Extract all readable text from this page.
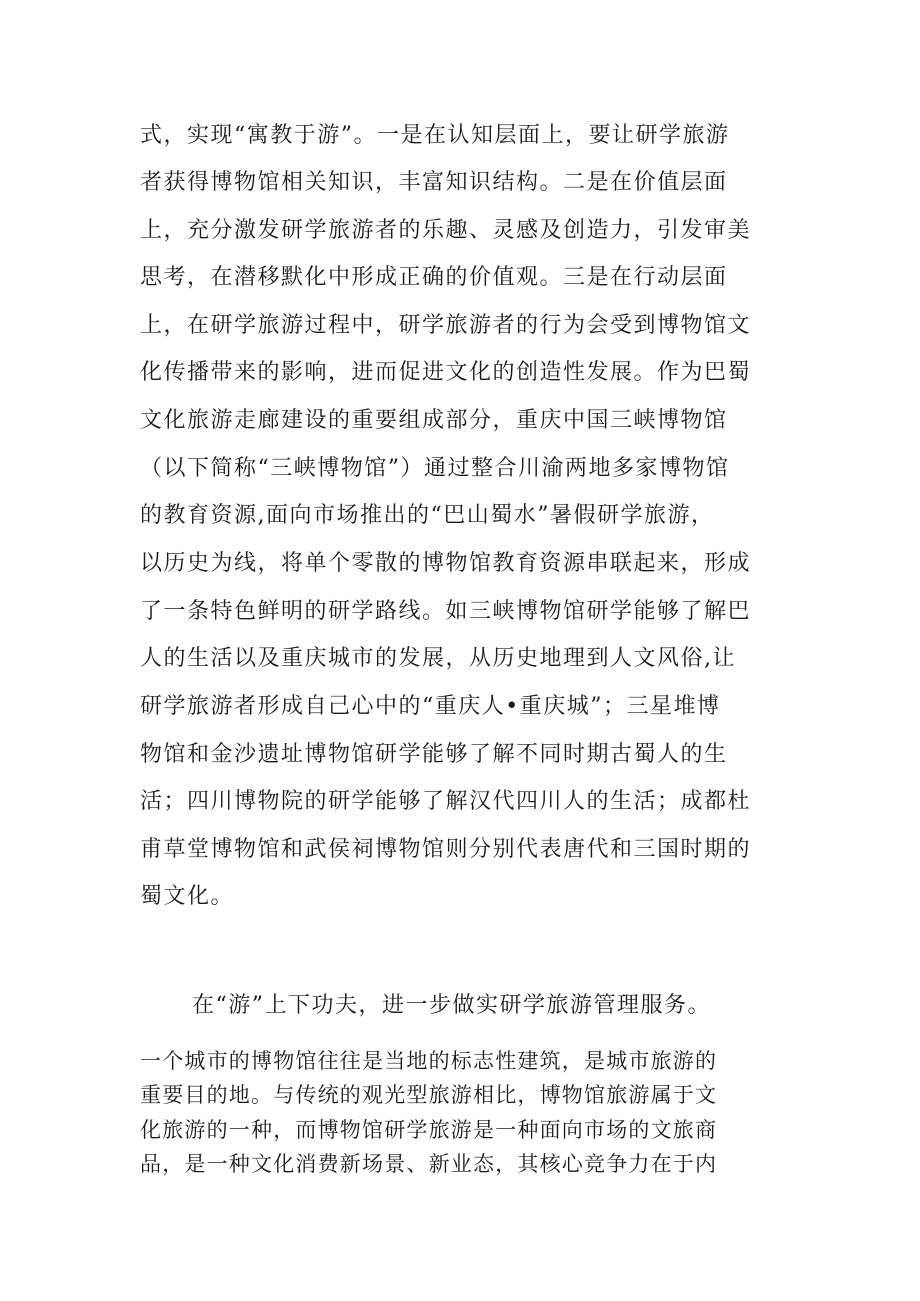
式，实现“寓教于游”。一是在认知层面上，要让研学旅游
者获得博物馆相关知识，丰富知识结构。二是在价值层面
上，充分激发研学旅游者的乐趣、灵感及创造力，引发审美
思考，在潜移默化中形成正确的价值观。三是在行动层面
上，在研学旅游过程中，研学旅游者的行为会受到博物馆文
化传播带来的影响，进而促进文化的创造性发展。作为巴蜀
文化旅游走廊建设的重要组成部分，重庆中国三峡博物馆
（以下简称“三峡博物馆”）通过整合川渝两地多家博物馆
的教育资源,面向市场推出的“巴山蜀水”暑假研学旅游，
以历史为线，将单个零散的博物馆教育资源串联起来，形成
了一条特色鲜明的研学路线。如三峡博物馆研学能够了解巴
人的生活以及重庆城市的发展，从历史地理到人文风俗,让
研学旅游者形成自己心中的“重庆人•重庆城”；三星堆博
物馆和金沙遗址博物馆研学能够了解不同时期古蜀人的生
活；四川博物院的研学能够了解汉代四川人的生活；成都杜
甫草堂博物馆和武侯祠博物馆则分别代表唐代和三国时期的
蜀文化。
在“游”上下功夫，进一步做实研学旅游管理服务。
一个城市的博物馆往往是当地的标志性建筑，是城市旅游的
重要目的地。与传统的观光型旅游相比，博物馆旅游属于文
化旅游的一种，而博物馆研学旅游是一种面向市场的文旅商
品，是一种文化消费新场景、新业态，其核心竞争力在于内
